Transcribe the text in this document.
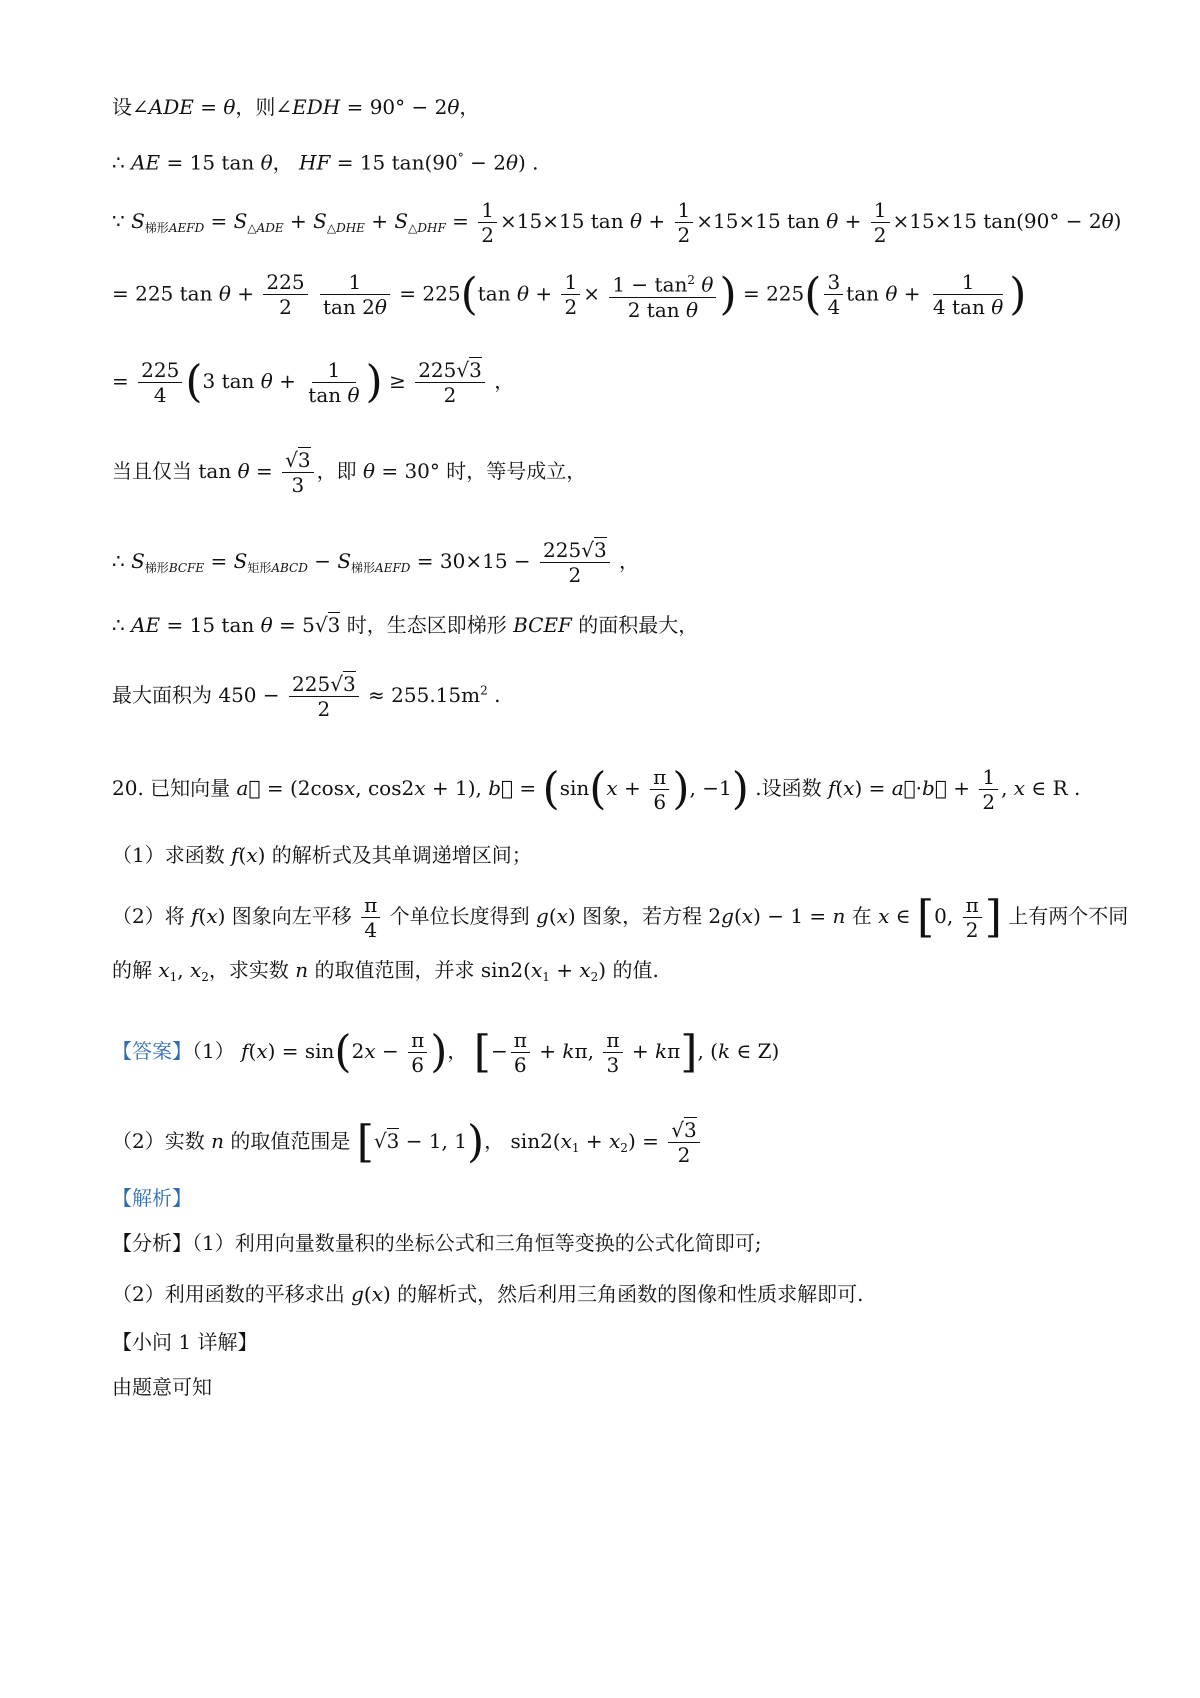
设∠ADE = θ，则∠EDH = 90° − 2θ，
∴ AE = 15 tan θ， HF = 15 tan(90° − 2θ) .
∵ $S_{梯形AEFD} = S_{\triangle ADE} + S_{\triangle DHE} + S_{\triangle DHF} = \frac{1}{2} \times 15\times 15$ $\tan \theta + \frac{1}{2} \times 15\times 15$ $\tan \theta + \frac{1}{2} \times 15\times 15$ tan(90° − 2θ)
= 225 $\tan \theta + \frac{225}{2}$
$\frac{1}{\tan 2\theta} = 225(\tan$ $\theta + \frac{1}{2} \times \frac{1 - \tan^2 \theta}{\text{2 tan θ}}$ ) = $225( \frac{3}{4}$ $\tan \theta + \frac{1}{\text{4 tan θ}}$ )
= $\frac{225}{4} (3$ $\tan \theta + \frac{1}{\text{tan θ}}$ ) ≥ $\frac{225√3}{2}$ ，
当且仅当 $\tan \theta = \frac{√3}{3}$ ，即 θ = 30° 时，等号成立，
∴ $S_{梯形BCFE} = S_{矩形ABCD} - S_{梯形AEFD} = 30\times 15 - \frac{225√3}{2}$ ，
∴ AE = 15 tan θ = 5√3 时，生态区即梯形 BCEF 的面积最大，
最大面积为 $450 - \frac{225√3}{2} \approx 255.15m^2$ .
20. 已知向量 a⃗ = (2cosx, cos2x + 1), b⃗ = ($\sin(x + \frac{\pi}{6}$ ), −1) .设函数 f(x) = a⃗·b⃗ + $\frac{1}{2}$ , x ∈ R .
（1）求函数 f(x) 的解析式及其单调递增区间；
（2）将 f(x) 图象向左平移 $\frac{\pi}{4}$ 个单位长度得到 g(x) 图象，若方程 2g(x) − 1 = n 在 x ∈ [0, $\frac{\pi}{2}$ ] 上有两个不同
的解 $x_1$, $x_2$，求实数 n 的取值范围，并求 $\sin 2(x_1 + x_2)$ 的值.
【答案】（1） $f(x) = \sin(2x - \frac{\pi}{6}$ )， [− $\frac{\pi}{6} + k\pi$, $\frac{\pi}{3} + k\pi$], (k ∈ Z)
（2）实数 n 的取值范围是 [√3 − 1, 1)， $\sin 2(x_1 + x_2) = \frac{√3}{2}$
【解析】
【分析】（1）利用向量数量积的坐标公式和三角恒等变换的公式化简即可;
（2）利用函数的平移求出 g(x) 的解析式，然后利用三角函数的图像和性质求解即可.
【小问 1 详解】
由题意可知
